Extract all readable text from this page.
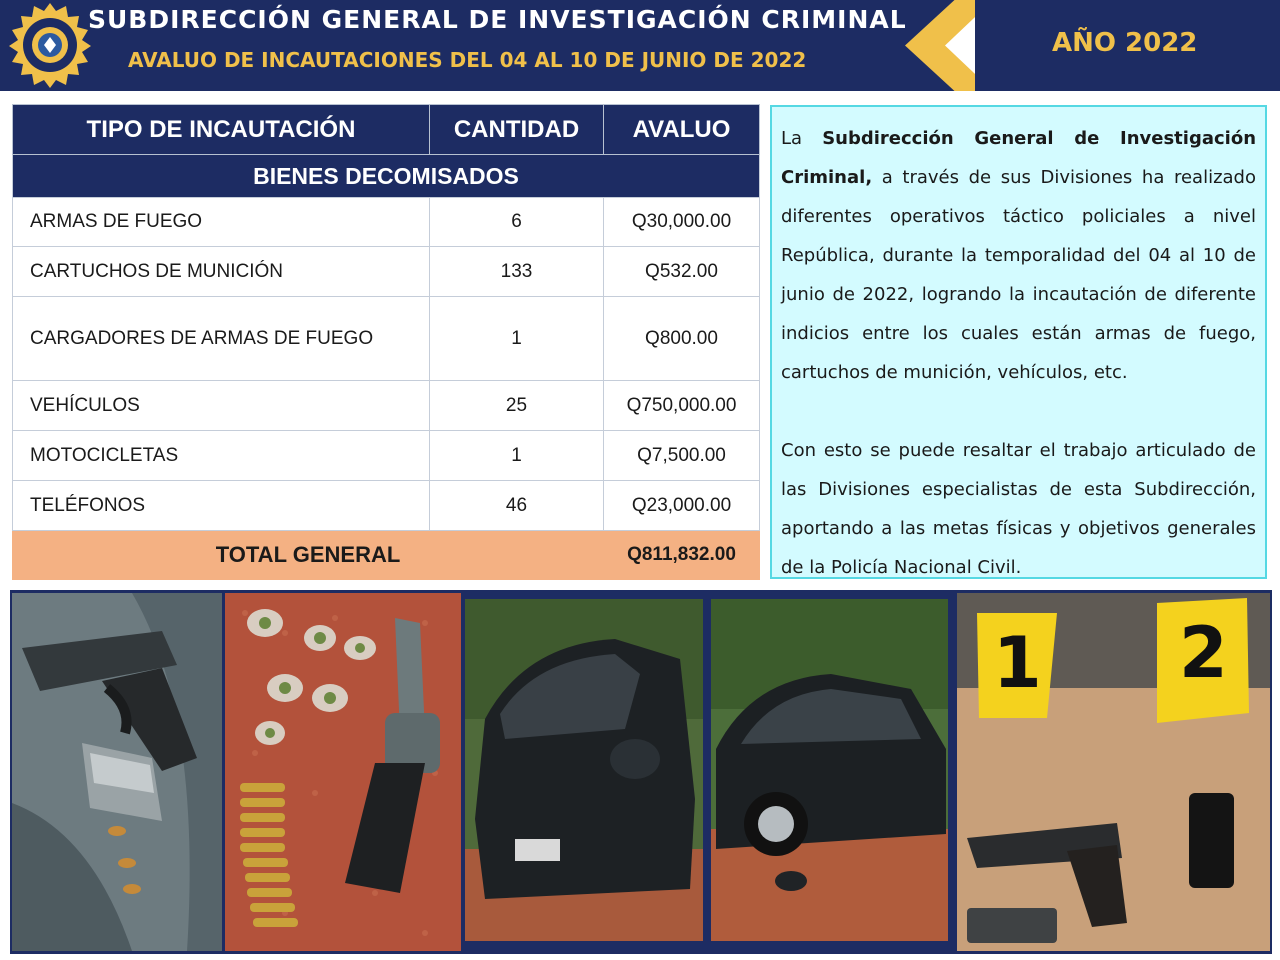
SUBDIRECCIÓN GENERAL DE INVESTIGACIÓN CRIMINAL
AVALUO DE INCAUTACIONES DEL 04 AL 10 DE JUNIO DE 2022
AÑO 2022
TIPO DE INCAUTACIÓN	CANTIDAD	AVALUO
BIENES DECOMISADOS		
ARMAS DE FUEGO	6	Q30,000.00
CARTUCHOS DE MUNICIÓN	133	Q532.00
CARGADORES DE ARMAS DE FUEGO	1	Q800.00
VEHÍCULOS	25	Q750,000.00
MOTOCICLETAS	1	Q7,500.00
TELÉFONOS	46	Q23,000.00
TOTAL GENERAL		Q811,832.00

La Subdirección General de Investigación Criminal, a través de sus Divisiones ha realizado diferentes operativos táctico policiales a nivel República, durante la temporalidad del 04 al 10 de junio de 2022, logrando la incautación de diferente indicios entre los cuales están armas de fuego, cartuchos de munición, vehículos, etc.

Con esto se puede resaltar el trabajo articulado de las Divisiones especialistas de esta Subdirección, aportando a las metas físicas y objetivos generales de la Policía Nacional Civil.

1 2
